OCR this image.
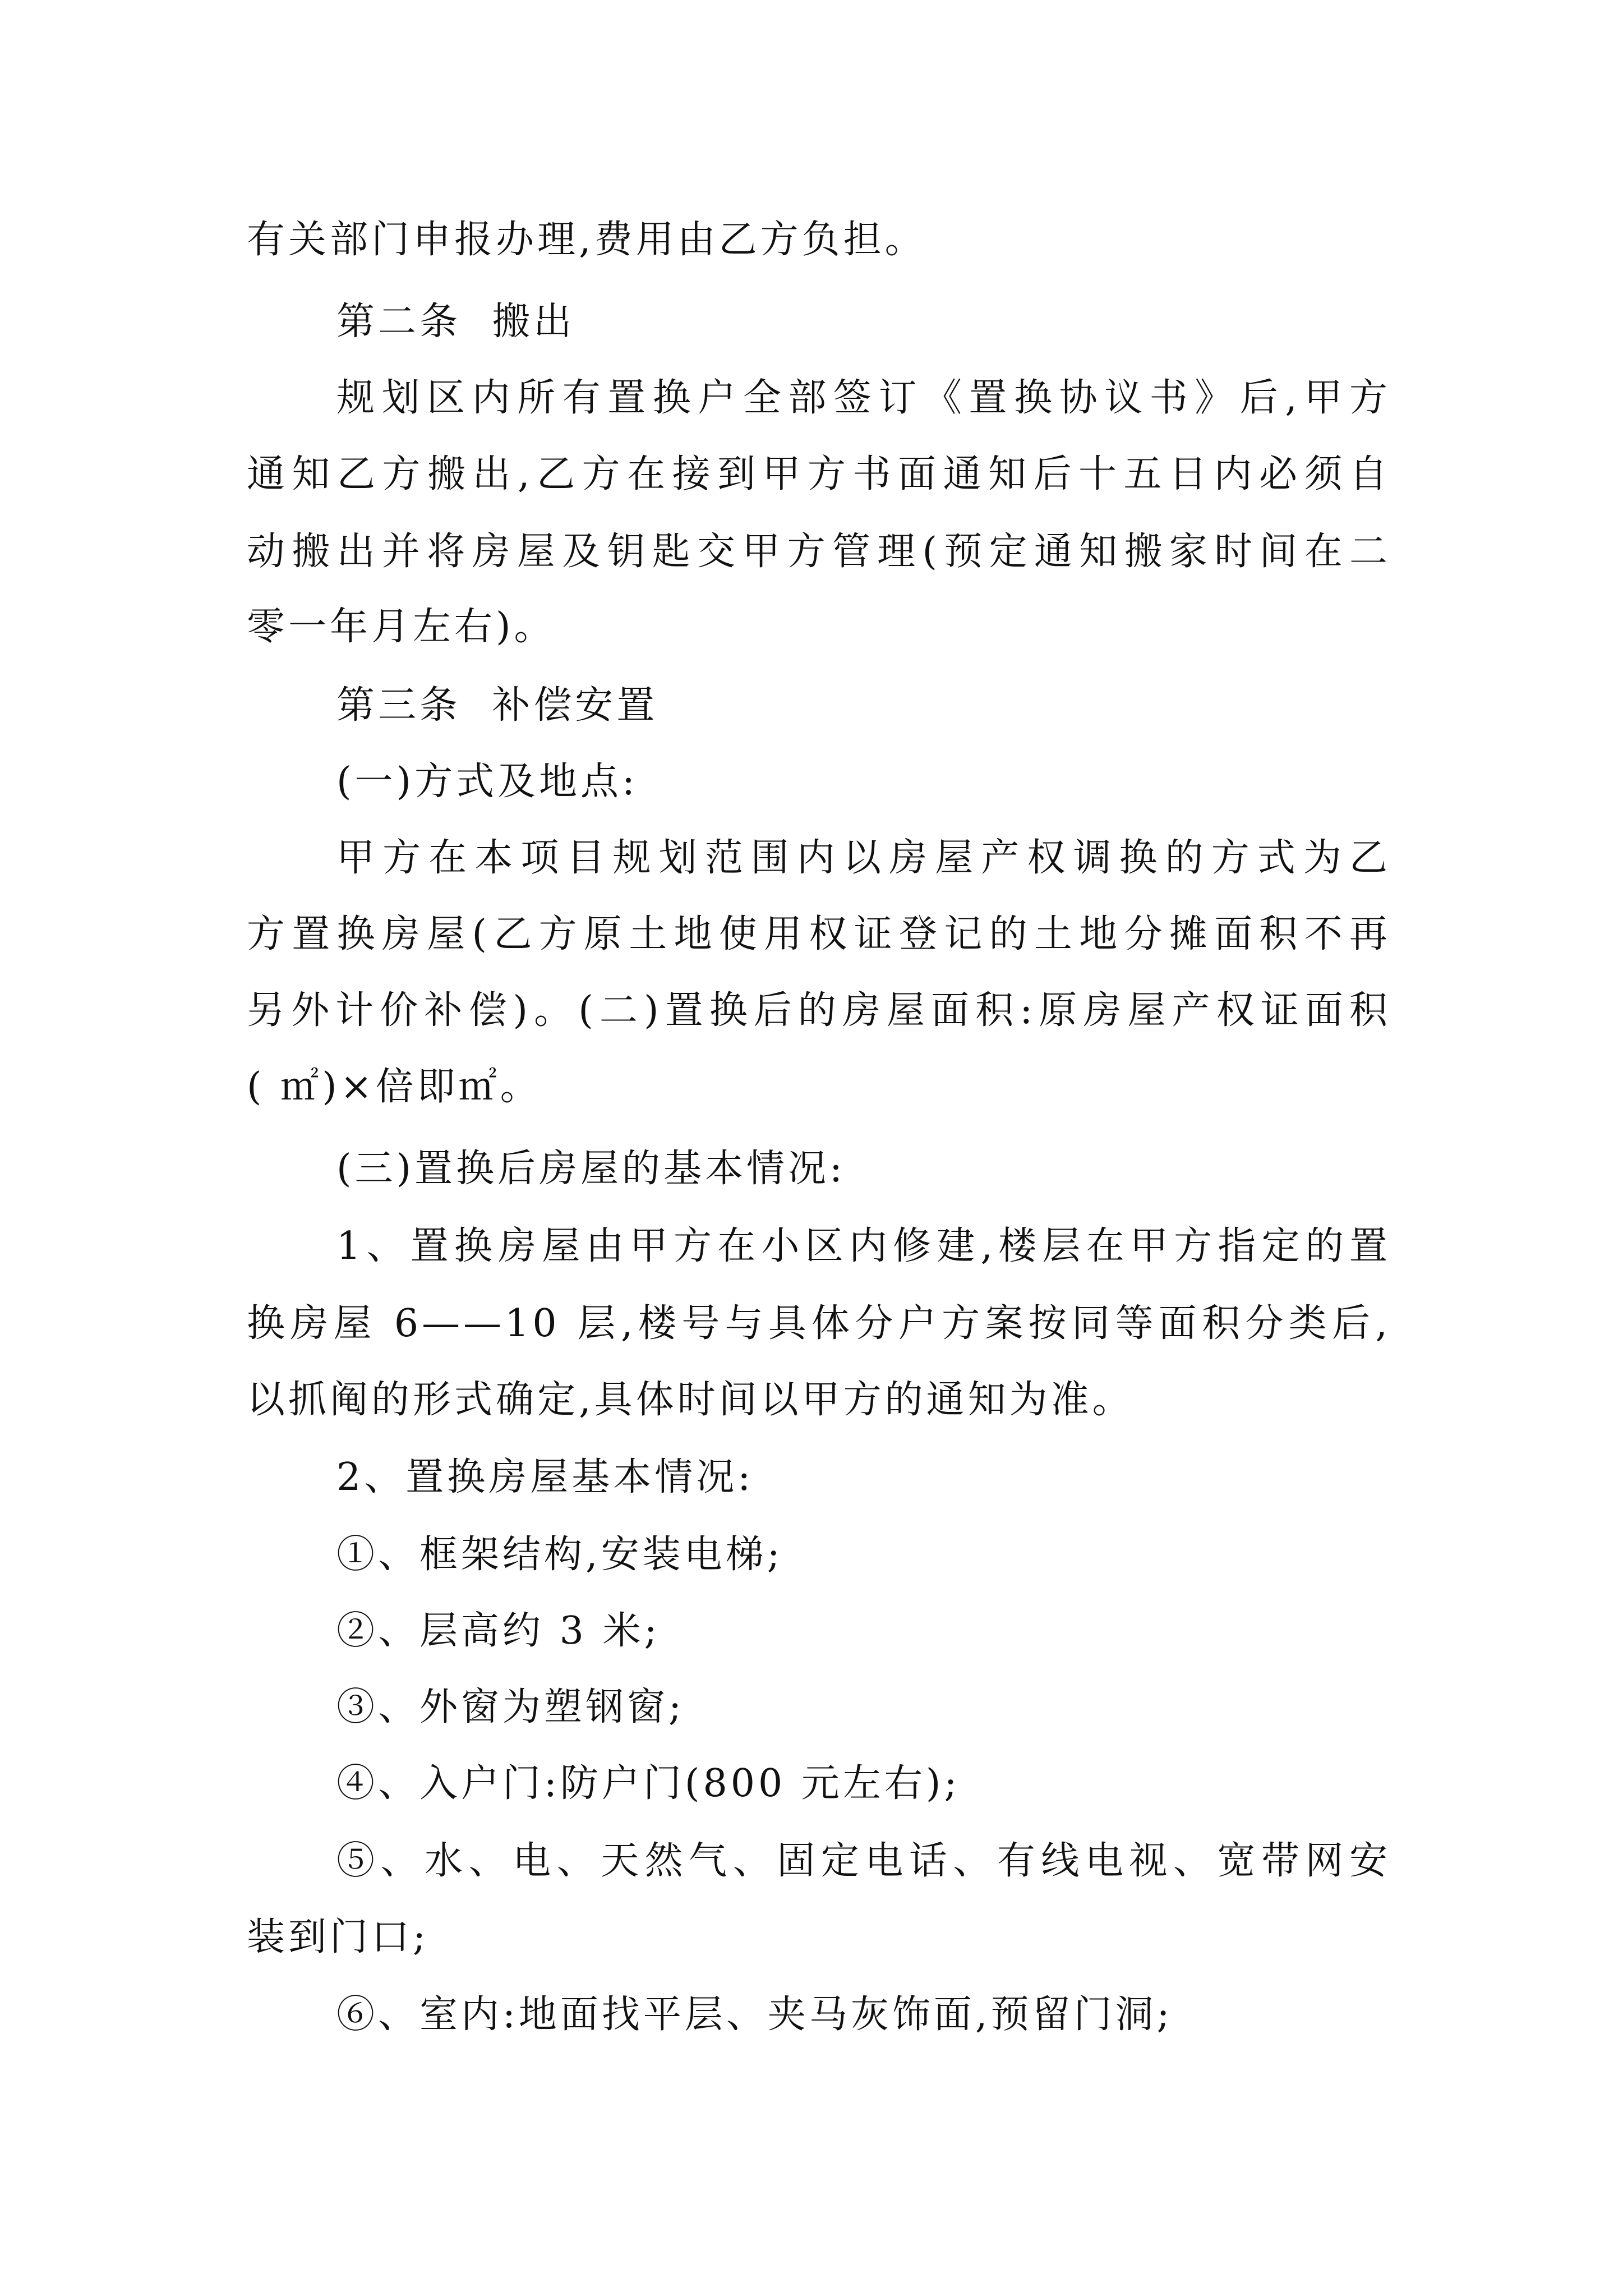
有关部门申报办理,费用由乙方负担。
第二条  搬出
规划区内所有置换户全部签订《置换协议书》后,甲方
通知乙方搬出,乙方在接到甲方书面通知后十五日内必须自
动搬出并将房屋及钥匙交甲方管理(预定通知搬家时间在二
零一年月左右)。
第三条  补偿安置
(一)方式及地点:
甲方在本项目规划范围内以房屋产权调换的方式为乙
方置换房屋(乙方原土地使用权证登记的土地分摊面积不再
另外计价补偿)。(二)置换后的房屋面积:原房屋产权证面积
( ㎡)×倍即㎡。
(三)置换后房屋的基本情况:
1、置换房屋由甲方在小区内修建,楼层在甲方指定的置
换房屋 6——10 层,楼号与具体分户方案按同等面积分类后,
以抓阄的形式确定,具体时间以甲方的通知为准。
2、置换房屋基本情况:
①、框架结构,安装电梯;
②、层高约 3 米;
③、外窗为塑钢窗;
④、入户门:防户门(800 元左右);
⑤、水、电、天然气、固定电话、有线电视、宽带网安
装到门口;
⑥、室内:地面找平层、夹马灰饰面,预留门洞;
